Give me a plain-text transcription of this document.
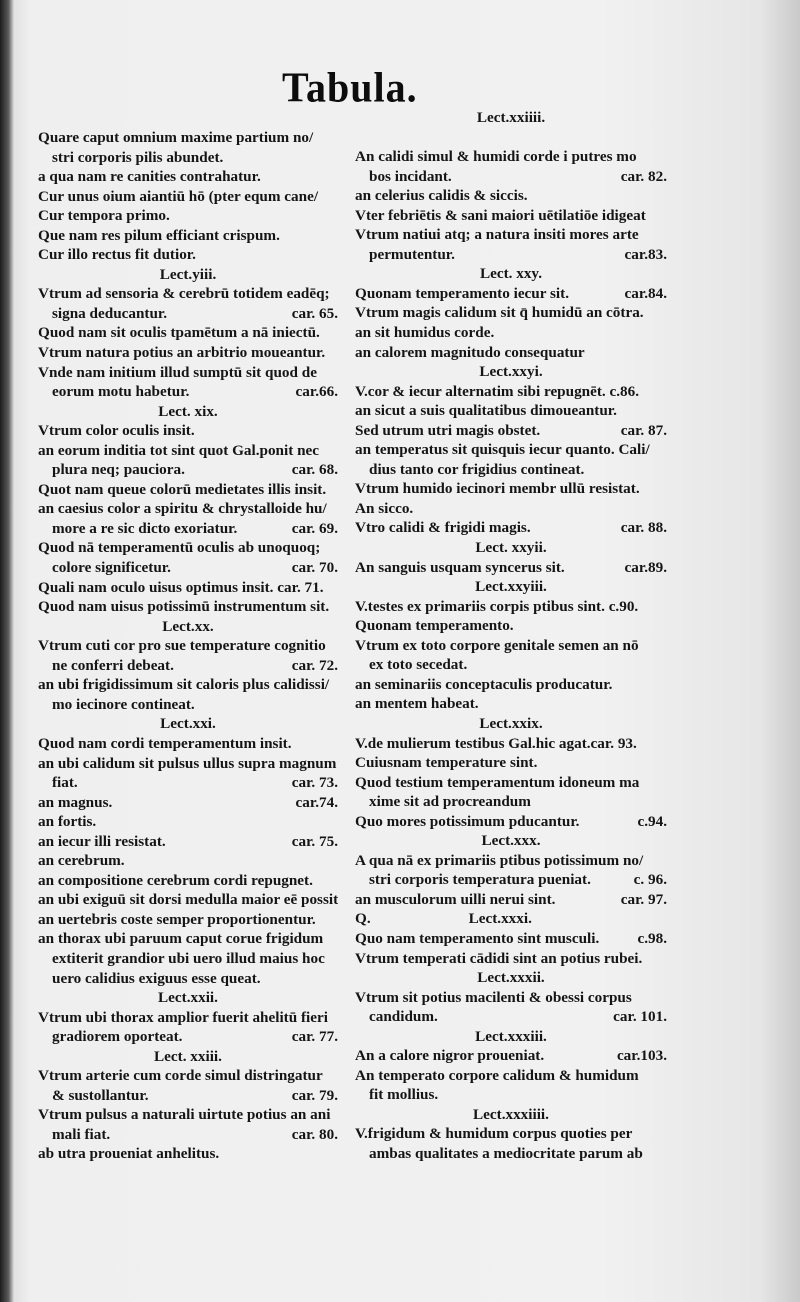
Tabula.
Quare caput omnium maxime partium no/
stri corporis pilis abundet.
a qua nam re canities contrahatur.
Cur unus oium aiantiū hō (pter equm cane/
Cur tempora primo.
Que nam res pilum efficiant crispum.
Cur illo rectus fit dutior.
Lect.yiii.
Vtrum ad sensoria & cerebrū totidem eadēq;
car. 65.
signa deducantur.
Quod nam sit oculis tpamētum a nā iniectū.
Vtrum natura potius an arbitrio moueantur.
Vnde nam initium illud sumptū sit quod de
car.66.
eorum motu habetur.
Lect. xix.
Vtrum color oculis insit.
an eorum inditia tot sint quot Gal.ponit nec
car. 68.
plura neq; pauciora.
Quot nam queue colorū medietates illis insit.
an caesius color a spiritu & chrystalloide hu/
car. 69.
more a re sic dicto exoriatur.
Quod nā temperamentū oculis ab unoquoq;
car. 70.
colore significetur.
Quali nam oculo uisus optimus insit. car. 71.
Quod nam uisus potissimū instrumentum sit.
Lect.xx.
Vtrum cuti cor pro sue temperature cognitio
car. 72.
ne conferri debeat.
an ubi frigidissimum sit caloris plus calidissi/
mo iecinore contineat.
Lect.xxi.
Quod nam cordi temperamentum insit.
an ubi calidum sit pulsus ullus supra magnum
car. 73.
fiat.
car.74.
an magnus.
an fortis.
car. 75.
an iecur illi resistat.
an cerebrum.
an compositione cerebrum cordi repugnet.
an ubi exiguū sit dorsi medulla maior eē possit
an uertebris coste semper proportionentur.
an thorax ubi paruum caput corue frigidum
extiterit grandior ubi uero illud maius hoc
uero calidius exiguus esse queat.
Lect.xxii.
Vtrum ubi thorax amplior fuerit ahelitū fieri
car. 77.
gradiorem oporteat.
Lect. xxiii.
Vtrum arterie cum corde simul distringatur
car. 79.
& sustollantur.
Vtrum pulsus a naturali uirtute potius an ani
car. 80.
mali fiat.
ab utra proueniat anhelitus.
Lect.xxiiii.
An calidi simul & humidi corde i putres mo
car. 82.
bos incidant.
an celerius calidis & siccis.
Vter febriētis & sani maiori uētilatiōe idigeat
Vtrum natiui atq; a natura insiti mores arte
car.83.
permutentur.
Lect. xxy.
car.84.
Quonam temperamento iecur sit.
Vtrum magis calidum sit q̄ humidū an cōtra.
an sit humidus corde.
an calorem magnitudo consequatur
Lect.xxyi.
V.cor & iecur alternatim sibi repugnēt. c.86.
an sicut a suis qualitatibus dimoueantur.
car. 87.
Sed utrum utri magis obstet.
an temperatus sit quisquis iecur quanto. Cali/
dius tanto cor frigidius contineat.
Vtrum humido iecinori membr ullū resistat.
An sicco.
car. 88.
Vtro calidi & frigidi magis.
Lect. xxyii.
car.89.
An sanguis usquam syncerus sit.
Lect.xxyiii.
V.testes ex primariis corpis ptibus sint. c.90.
Quonam temperamento.
Vtrum ex toto corpore genitale semen an nō
ex toto secedat.
an seminariis conceptaculis producatur.
an mentem habeat.
Lect.xxix.
V.de mulierum testibus Gal.hic agat.car. 93.
Cuiusnam temperature sint.
Quod testium temperamentum idoneum ma
xime sit ad procreandum
c.94.
Quo mores potissimum pducantur.
Lect.xxx.
A qua nā ex primariis ptibus potissimum no/
c. 96.
stri corporis temperatura pueniat.
car. 97.
an musculorum uilli nerui sint.
Q.	Lect.xxxi.
c.98.
Quo nam temperamento sint musculi.
Vtrum temperati cādidi sint an potius rubei.
Lect.xxxii.
Vtrum sit potius macilenti & obessi corpus
car. 101.
candidum.
Lect.xxxiii.
car.103.
An a calore nigror proueniat.
An temperato corpore calidum & humidum
fit mollius.
Lect.xxxiiii.
V.frigidum & humidum corpus quoties per
ambas qualitates a mediocritate parum ab
